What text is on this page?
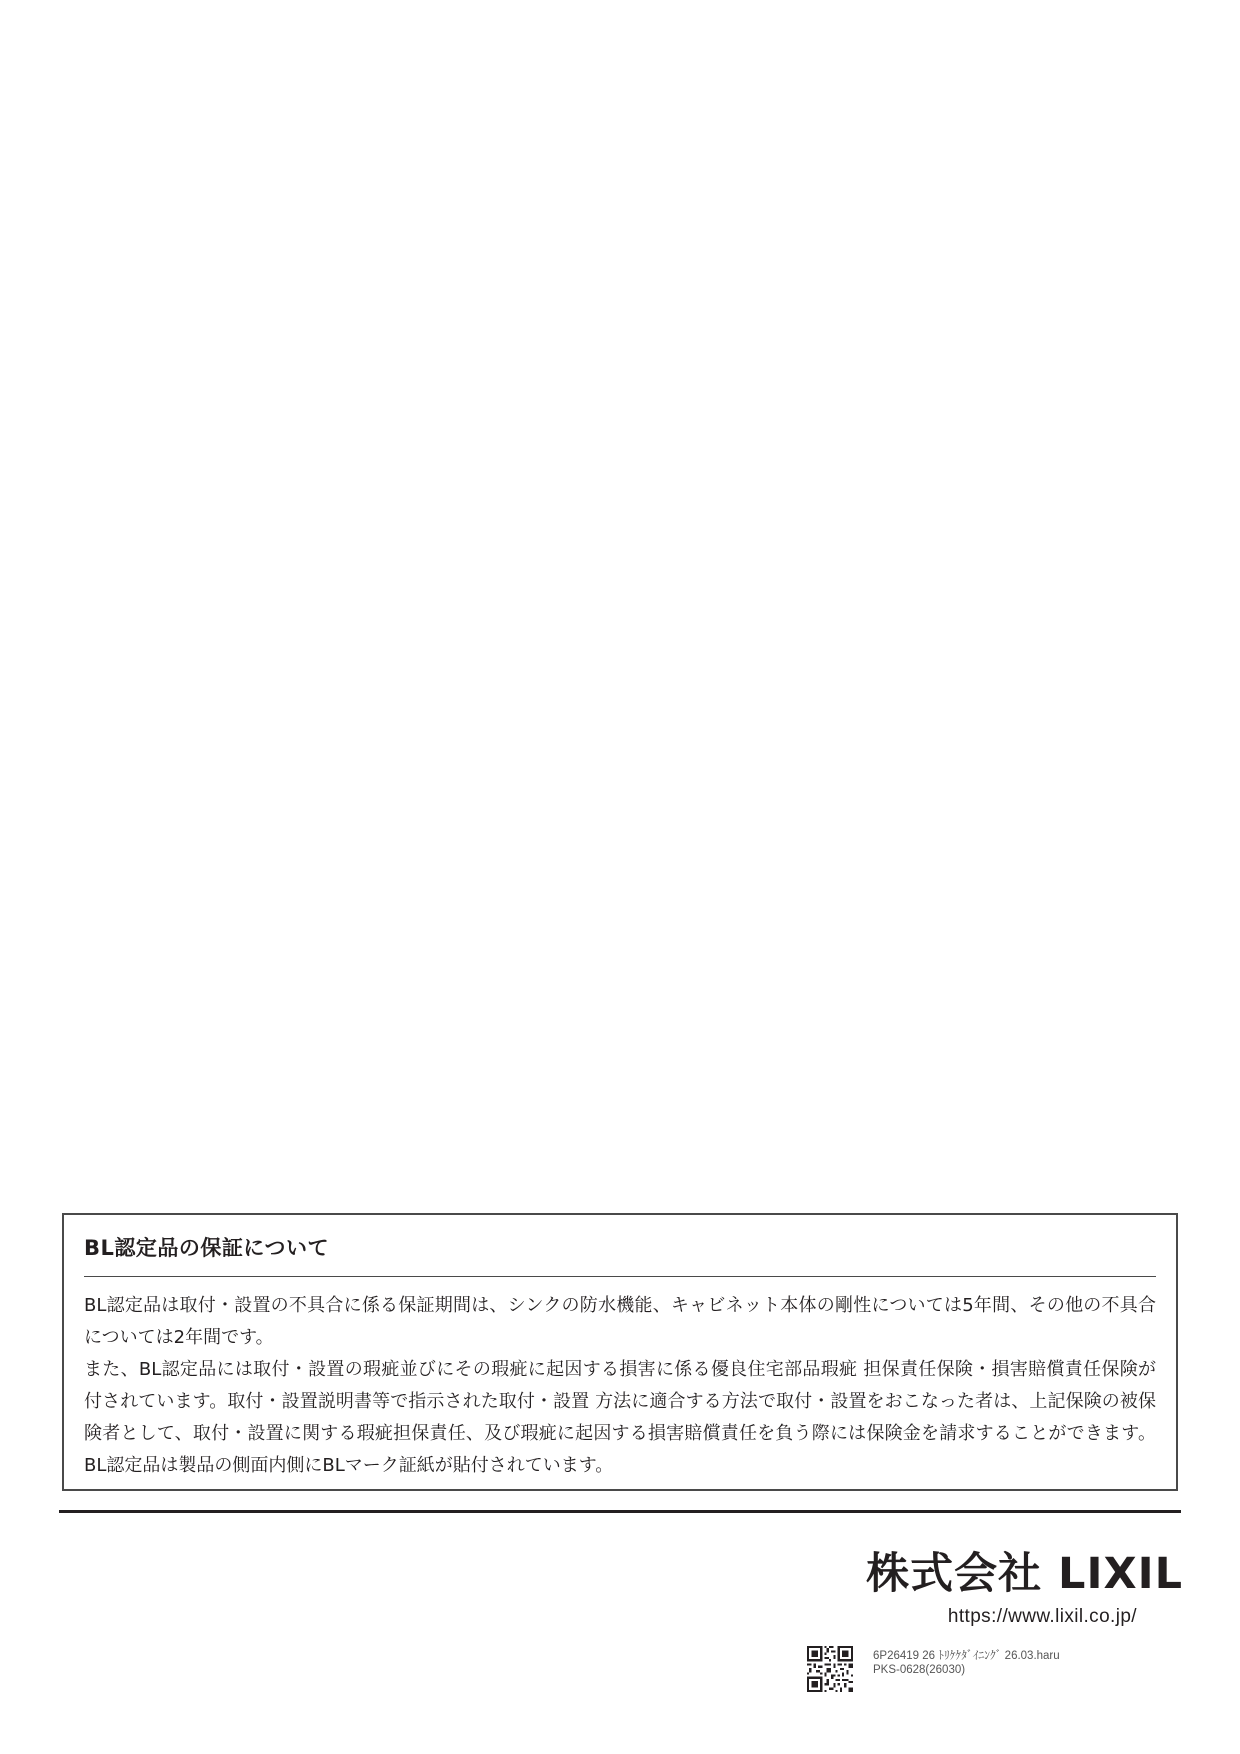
BL認定品の保証について

BL認定品は取付・設置の不具合に係る保証期間は、シンクの防水機能、キャビネット本体の剛性については5年間、その他の不具合については2年間です。

また、BL認定品には取付・設置の瑕疵並びにその瑕疵に起因する損害に係る優良住宅部品瑕疵 担保責任保険・損害賠償責任保険が付されています。取付・設置説明書等で指示された取付・設置 方法に適合する方法で取付・設置をおこなった者は、上記保険の被保険者として、取付・設置に関する瑕疵担保責任、及び瑕疵に起因する損害賠償責任を負う際には保険金を請求することができます。BL認定品は製品の側面内側にBLマーク証紙が貼付されています。

株式会社 LIXIL
https://www.lixil.co.jp/
6P26419 26 ﾄﾘｹｹﾀﾞｲﾆﾝｸﾞ 26.03.haru
PKS-0628(26030)
